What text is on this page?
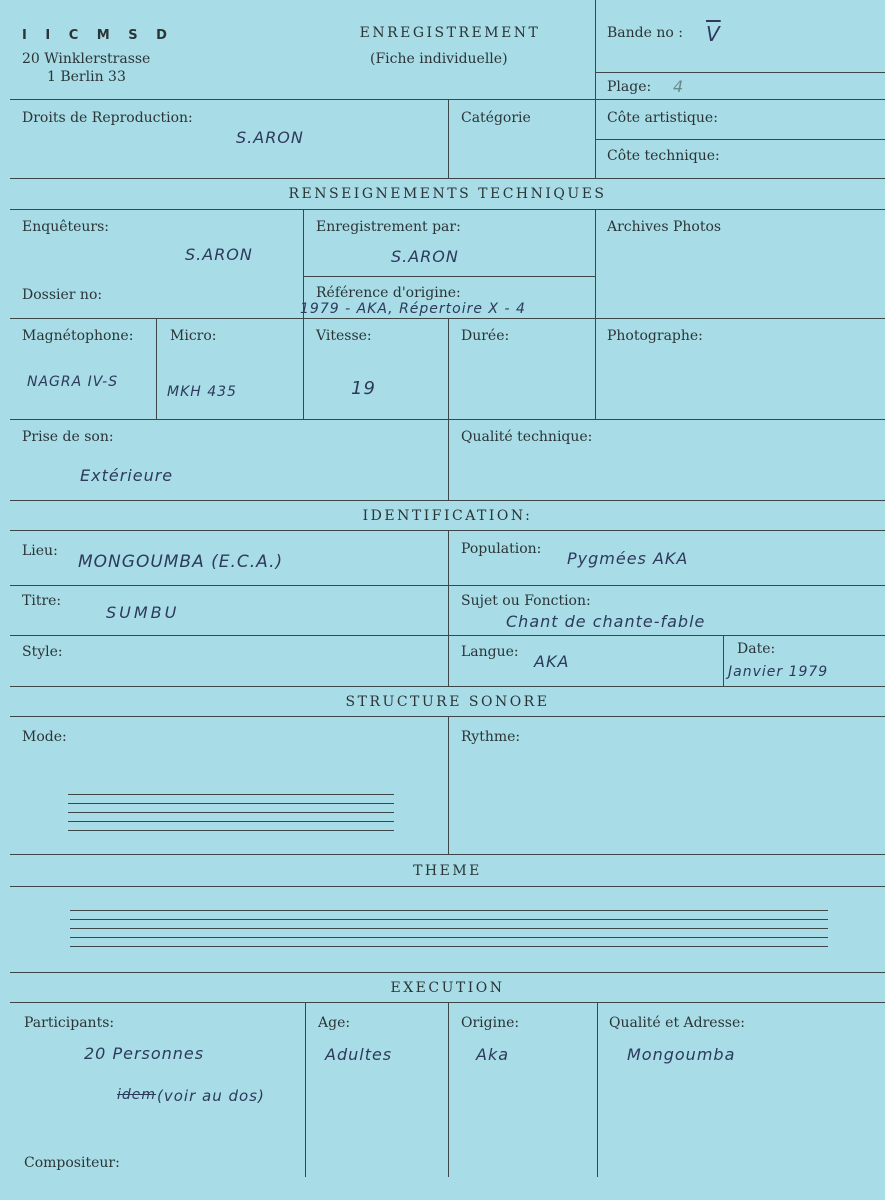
I I C M S D
20 Winklerstrasse
1 Berlin 33
ENREGISTREMENT
(Fiche individuelle)
Bande no : $\overline{V}$
Plage: 4
Droits de Reproduction:
S.ARON
Catégorie	Côte artistique:
Côte technique:
RENSEIGNEMENTS TECHNIQUES
Enquêteurs:
S.ARON
Enregistrement par:
S.ARON
Archives Photos
Dossier no:	Référence d'origine:
1979 - AKA, Répertoire X - 4
Magnétophone:
NAGRA IV-S
Micro:
MKH 435
Vitesse:
19
Durée:	Photographe:
Prise de son:
Extérieure
Qualité technique:
IDENTIFICATION:
Lieu:
MONGOUMBA (E.C.A.)
Population: Pygmées AKA
Titre:
SUMBU
Sujet ou Fonction:
Chant de chante-fable
Style:	Langue: AKA
Date:
Janvier 1979
STRUCTURE SONORE
Mode:	Rythme:
THEME
EXECUTION
Participants:
20 Personnes
idem (voir au dos)
Age:
Adultes
Origine:
Aka
Qualité et Adresse:
Mongoumba
Compositeur:
